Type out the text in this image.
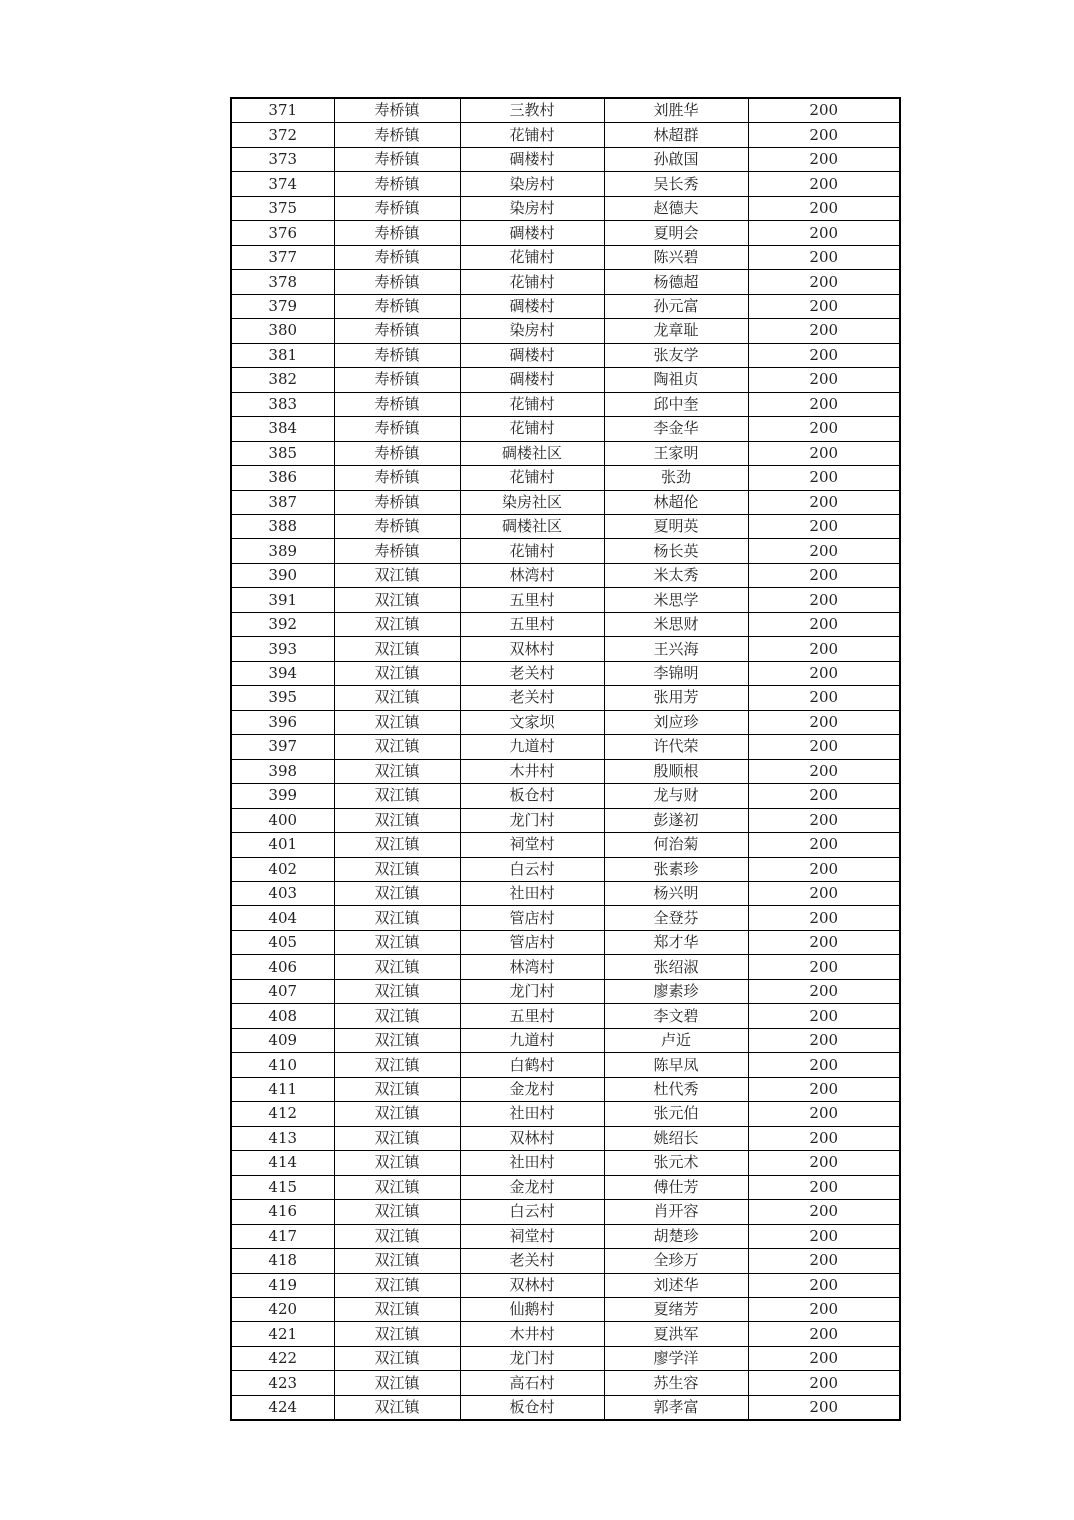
371	寿桥镇	三教村	刘胜华	200
372	寿桥镇	花铺村	林超群	200
373	寿桥镇	碉楼村	孙啟国	200
374	寿桥镇	染房村	吴长秀	200
375	寿桥镇	染房村	赵德夫	200
376	寿桥镇	碉楼村	夏明会	200
377	寿桥镇	花铺村	陈兴碧	200
378	寿桥镇	花铺村	杨德超	200
379	寿桥镇	碉楼村	孙元富	200
380	寿桥镇	染房村	龙章耻	200
381	寿桥镇	碉楼村	张友学	200
382	寿桥镇	碉楼村	陶祖贞	200
383	寿桥镇	花铺村	邱中奎	200
384	寿桥镇	花铺村	李金华	200
385	寿桥镇	碉楼社区	王家明	200
386	寿桥镇	花铺村	张劲	200
387	寿桥镇	染房社区	林超伦	200
388	寿桥镇	碉楼社区	夏明英	200
389	寿桥镇	花铺村	杨长英	200
390	双江镇	林湾村	米太秀	200
391	双江镇	五里村	米思学	200
392	双江镇	五里村	米思财	200
393	双江镇	双林村	王兴海	200
394	双江镇	老关村	李锦明	200
395	双江镇	老关村	张用芳	200
396	双江镇	文家坝	刘应珍	200
397	双江镇	九道村	许代荣	200
398	双江镇	木井村	殷顺根	200
399	双江镇	板仓村	龙与财	200
400	双江镇	龙门村	彭遂初	200
401	双江镇	祠堂村	何治菊	200
402	双江镇	白云村	张素珍	200
403	双江镇	社田村	杨兴明	200
404	双江镇	管店村	全登芬	200
405	双江镇	管店村	郑才华	200
406	双江镇	林湾村	张绍淑	200
407	双江镇	龙门村	廖素珍	200
408	双江镇	五里村	李文碧	200
409	双江镇	九道村	卢近	200
410	双江镇	白鹤村	陈早凤	200
411	双江镇	金龙村	杜代秀	200
412	双江镇	社田村	张元伯	200
413	双江镇	双林村	姚绍长	200
414	双江镇	社田村	张元术	200
415	双江镇	金龙村	傅仕芳	200
416	双江镇	白云村	肖开容	200
417	双江镇	祠堂村	胡楚珍	200
418	双江镇	老关村	全珍万	200
419	双江镇	双林村	刘述华	200
420	双江镇	仙鹅村	夏绪芳	200
421	双江镇	木井村	夏洪军	200
422	双江镇	龙门村	廖学洋	200
423	双江镇	高石村	苏生容	200
424	双江镇	板仓村	郭孝富	200
